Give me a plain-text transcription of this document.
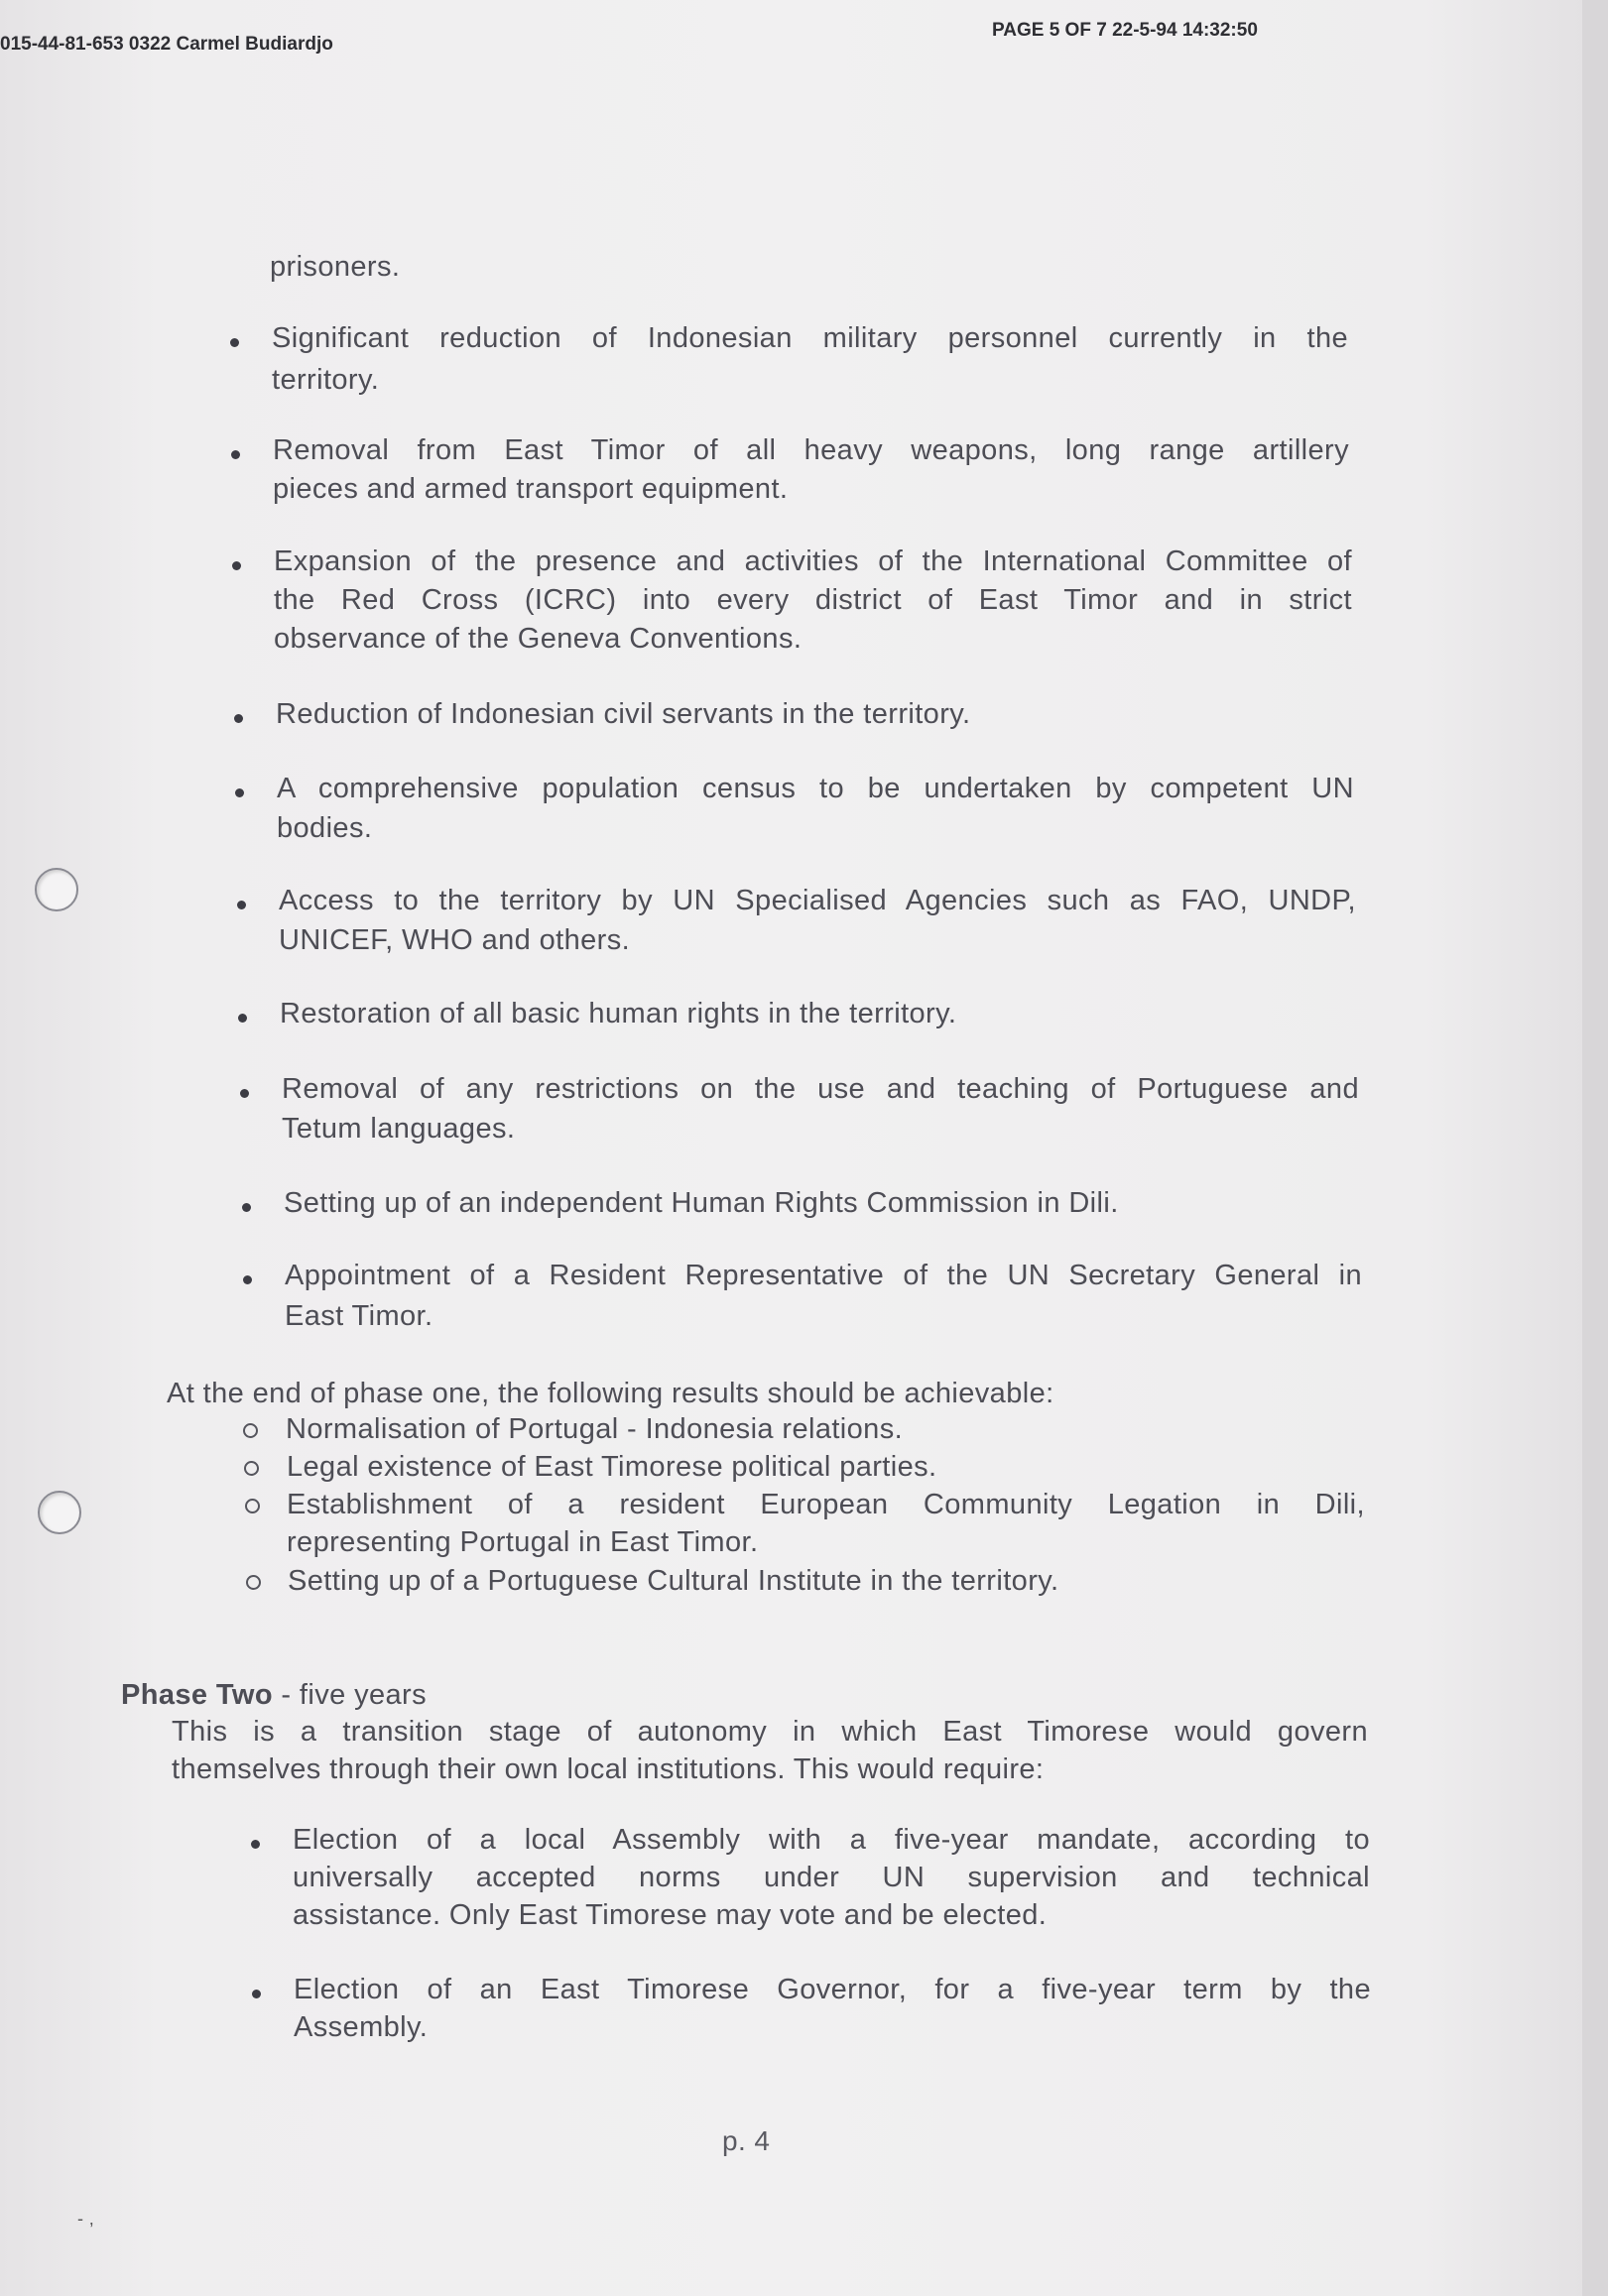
015-44-81-653 0322 Carmel Budiardjo
PAGE 5 OF 7 22-5-94 14:32:50
prisoners.
Significant reduction of Indonesian military personnel currently in the
territory.
Removal from East Timor of all heavy weapons, long range artillery
pieces and armed transport equipment.
Expansion of the presence and activities of the International Committee of
the Red Cross (ICRC) into every district of East Timor and in strict
observance of the Geneva Conventions.
Reduction of Indonesian civil servants in the territory.
A comprehensive population census to be undertaken by competent UN
bodies.
Access to the territory by UN Specialised Agencies such as FAO, UNDP,
UNICEF, WHO and others.
Restoration of all basic human rights in the territory.
Removal of any restrictions on the use and teaching of Portuguese and
Tetum languages.
Setting up of an independent Human Rights Commission in Dili.
Appointment of a Resident Representative of the UN Secretary General in
East Timor.
At the end of phase one, the following results should be achievable:
Normalisation of Portugal - Indonesia relations.
Legal existence of East Timorese political parties.
Establishment of a resident European Community Legation in Dili,
representing Portugal in East Timor.
Setting up of a Portuguese Cultural Institute in the territory.
Phase Two - five years
This is a transition stage of autonomy in which East Timorese would govern
themselves through their own local institutions. This would require:
Election of a local Assembly with a five-year mandate, according to
universally accepted norms under UN supervision and technical
assistance. Only East Timorese may vote and be elected.
Election of an East Timorese Governor, for a five-year term by the
Assembly.
p. 4
- ,
